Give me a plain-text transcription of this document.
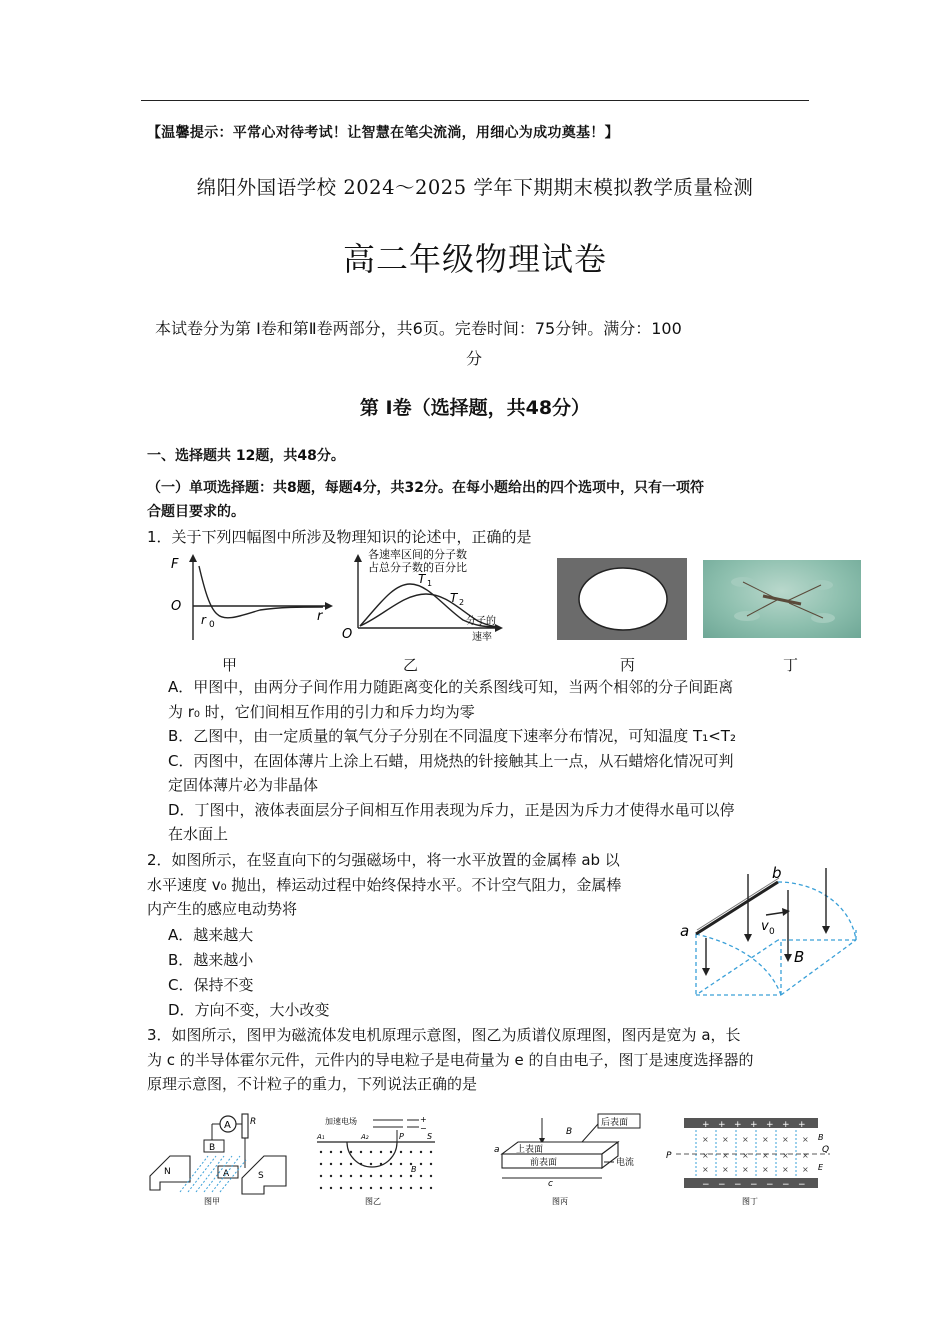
【温馨提示：平常心对待考试！让智慧在笔尖流淌，用细心为成功奠基！】
绵阳外国语学校 2024～2025 学年下期期末模拟教学质量检测
高二年级物理试卷
本试卷分为第 Ⅰ卷和第Ⅱ卷两部分，共6页。完卷时间：75分钟。满分：100
分
第 Ⅰ卷（选择题，共48分）
一、选择题共 12题，共48分。
（一）单项选择题：共8题，每题4分，共32分。在每小题给出的四个选项中，只有一项符
合题目要求的。
1．关于下列四幅图中所涉及物理知识的论述中，正确的是
F
O
r 0
r
各速率区间的分子数
占总分子数的百分比
T 1
T 2
分子的
速率
O
甲	乙	丙	丁
A．甲图中，由两分子间作用力随距离变化的关系图线可知，当两个相邻的分子间距离
为 r₀ 时，它们间相互作用的引力和斥力均为零
B．乙图中，由一定质量的氧气分子分别在不同温度下速率分布情况，可知温度 T₁<T₂
C．丙图中，在固体薄片上涂上石蜡，用烧热的针接触其上一点，从石蜡熔化情况可判
定固体薄片必为非晶体
D．丁图中，液体表面层分子间相互作用表现为斥力，正是因为斥力才使得水黾可以停
在水面上
2．如图所示，在竖直向下的匀强磁场中，将一水平放置的金属棒 ab 以
水平速度 v₀ 抛出，棒运动过程中始终保持水平。不计空气阻力，金属棒
内产生的感应电动势将
A．越来越大
B．越来越小
C．保持不变
D．方向不变，大小改变
a
b
v 0
B
3．如图所示，图甲为磁流体发电机原理示意图，图乙为质谱仪原理图，图丙是宽为 a，长
为 c 的半导体霍尔元件，元件内的导电粒子是电荷量为 e 的自由电子，图丁是速度选择器的
原理示意图，不计粒子的重力，下列说法正确的是
A R
N	S
B
A
图甲
加速电场	+
−
A₁	A₂	P	S
B
图乙
后表面
B
上表面
前表面	电流
a
c
图丙
+ + + + + + +
− − − − − − −
× × × × × ×
× × × × × ×
× × × × × ×
P
Q
B
E
图丁
